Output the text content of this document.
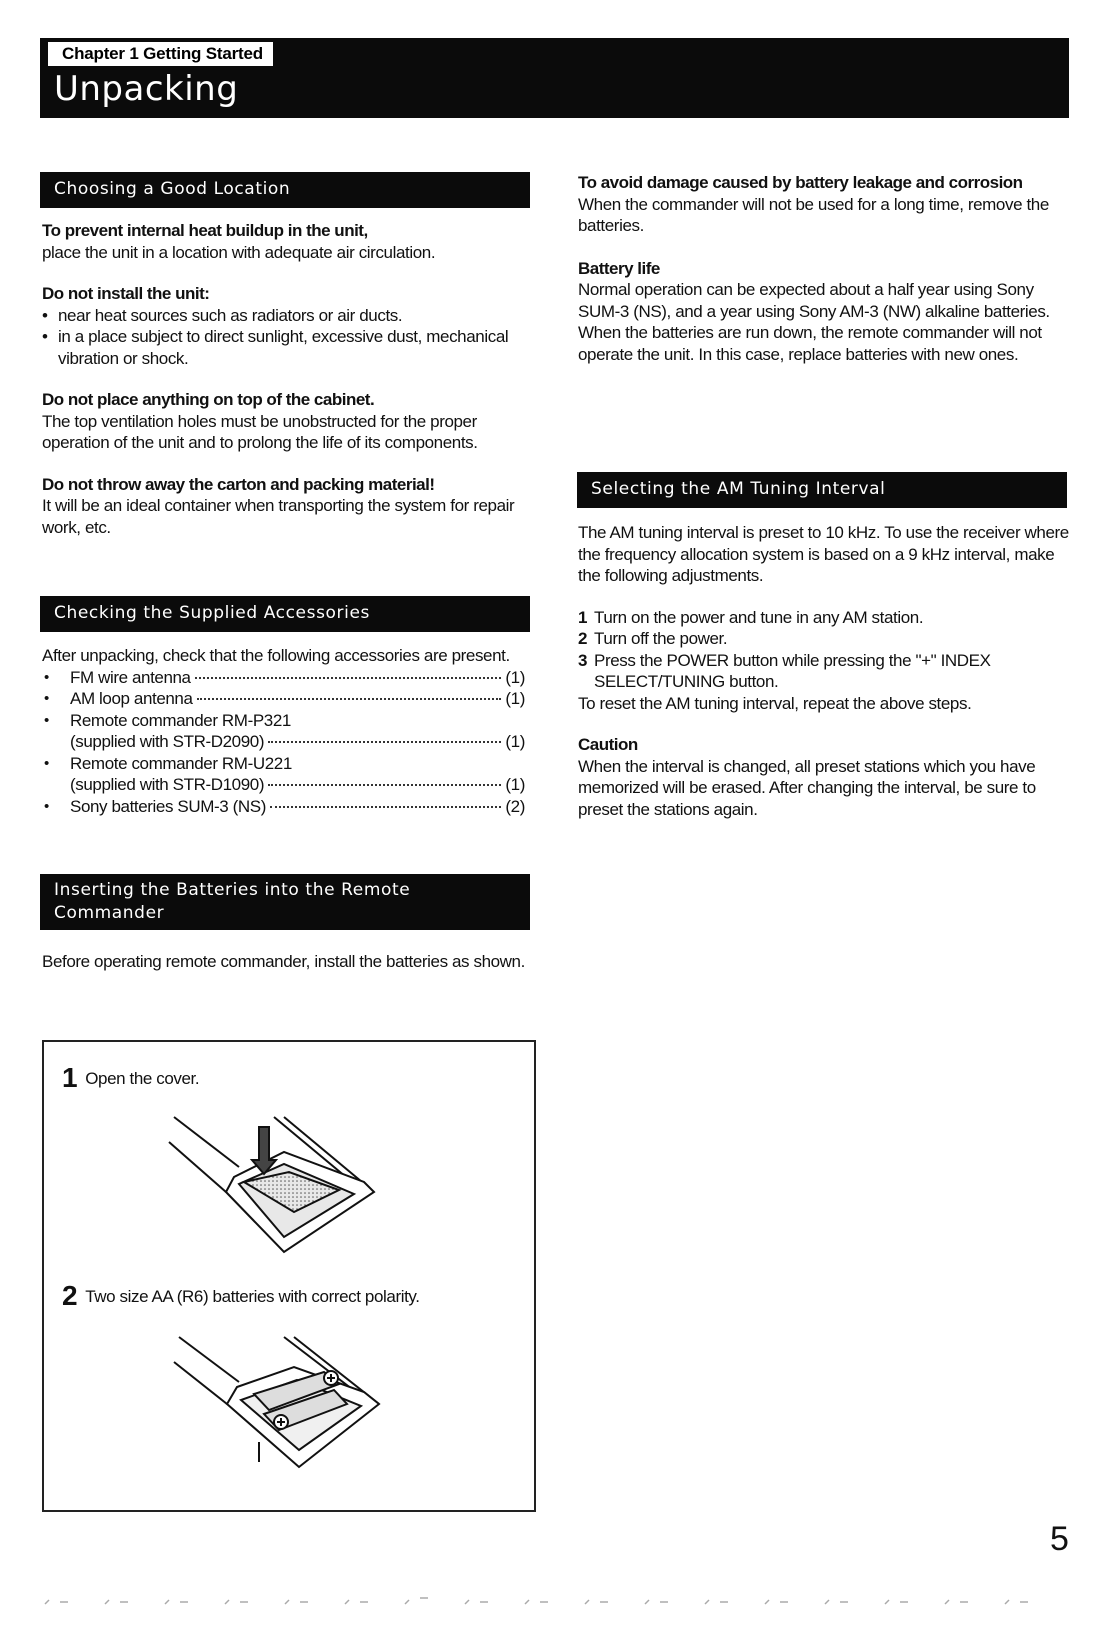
Chapter 1 Getting Started
Unpacking
Choosing a Good Location

To prevent internal heat buildup in the unit,

place the unit in a location with adequate air circulation.

Do not install the unit:

• near heat sources such as radiators or air ducts.
• in a place subject to direct sunlight, excessive dust, mechanical vibration or shock.

Do not place anything on top of the cabinet.

The top ventilation holes must be unobstructed for the proper operation of the unit and to prolong the life of its components.

Do not throw away the carton and packing material!

It will be an ideal container when transporting the system for repair work, etc.

Checking the Supplied Accessories

After unpacking, check that the following accessories are present.

• FM wire antenna	(1)
• AM loop antenna	(1)
• Remote commander RM-P321
(supplied with STR-D2090)	(1)
• Remote commander RM-U221
(supplied with STR-D1090)	(1)
• Sony batteries SUM-3 (NS)	(2)
Inserting the Batteries into the Remote
Commander

Before operating remote commander, install the batteries as shown.

1 Open the cover.
2 Two size AA (R6) batteries with correct polarity.

To avoid damage caused by battery leakage and corrosion

When the commander will not be used for a long time, remove the batteries.

Battery life

Normal operation can be expected about a half year using Sony SUM-3 (NS), and a year using Sony AM-3 (NW) alkaline batteries.

When the batteries are run down, the remote commander will not operate the unit. In this case, replace batteries with new ones.

Selecting the AM Tuning Interval

The AM tuning interval is preset to 10 kHz. To use the receiver where the frequency allocation system is based on a 9 kHz interval, make the following adjustments.

1 Turn on the power and tune in any AM station.
2 Turn off the power.
3 Press the POWER button while pressing the "+" INDEX SELECT/TUNING button.

To reset the AM tuning interval, repeat the above steps.

Caution

When the interval is changed, all preset stations which you have memorized will be erased. After changing the interval, be sure to preset the stations again.

5
